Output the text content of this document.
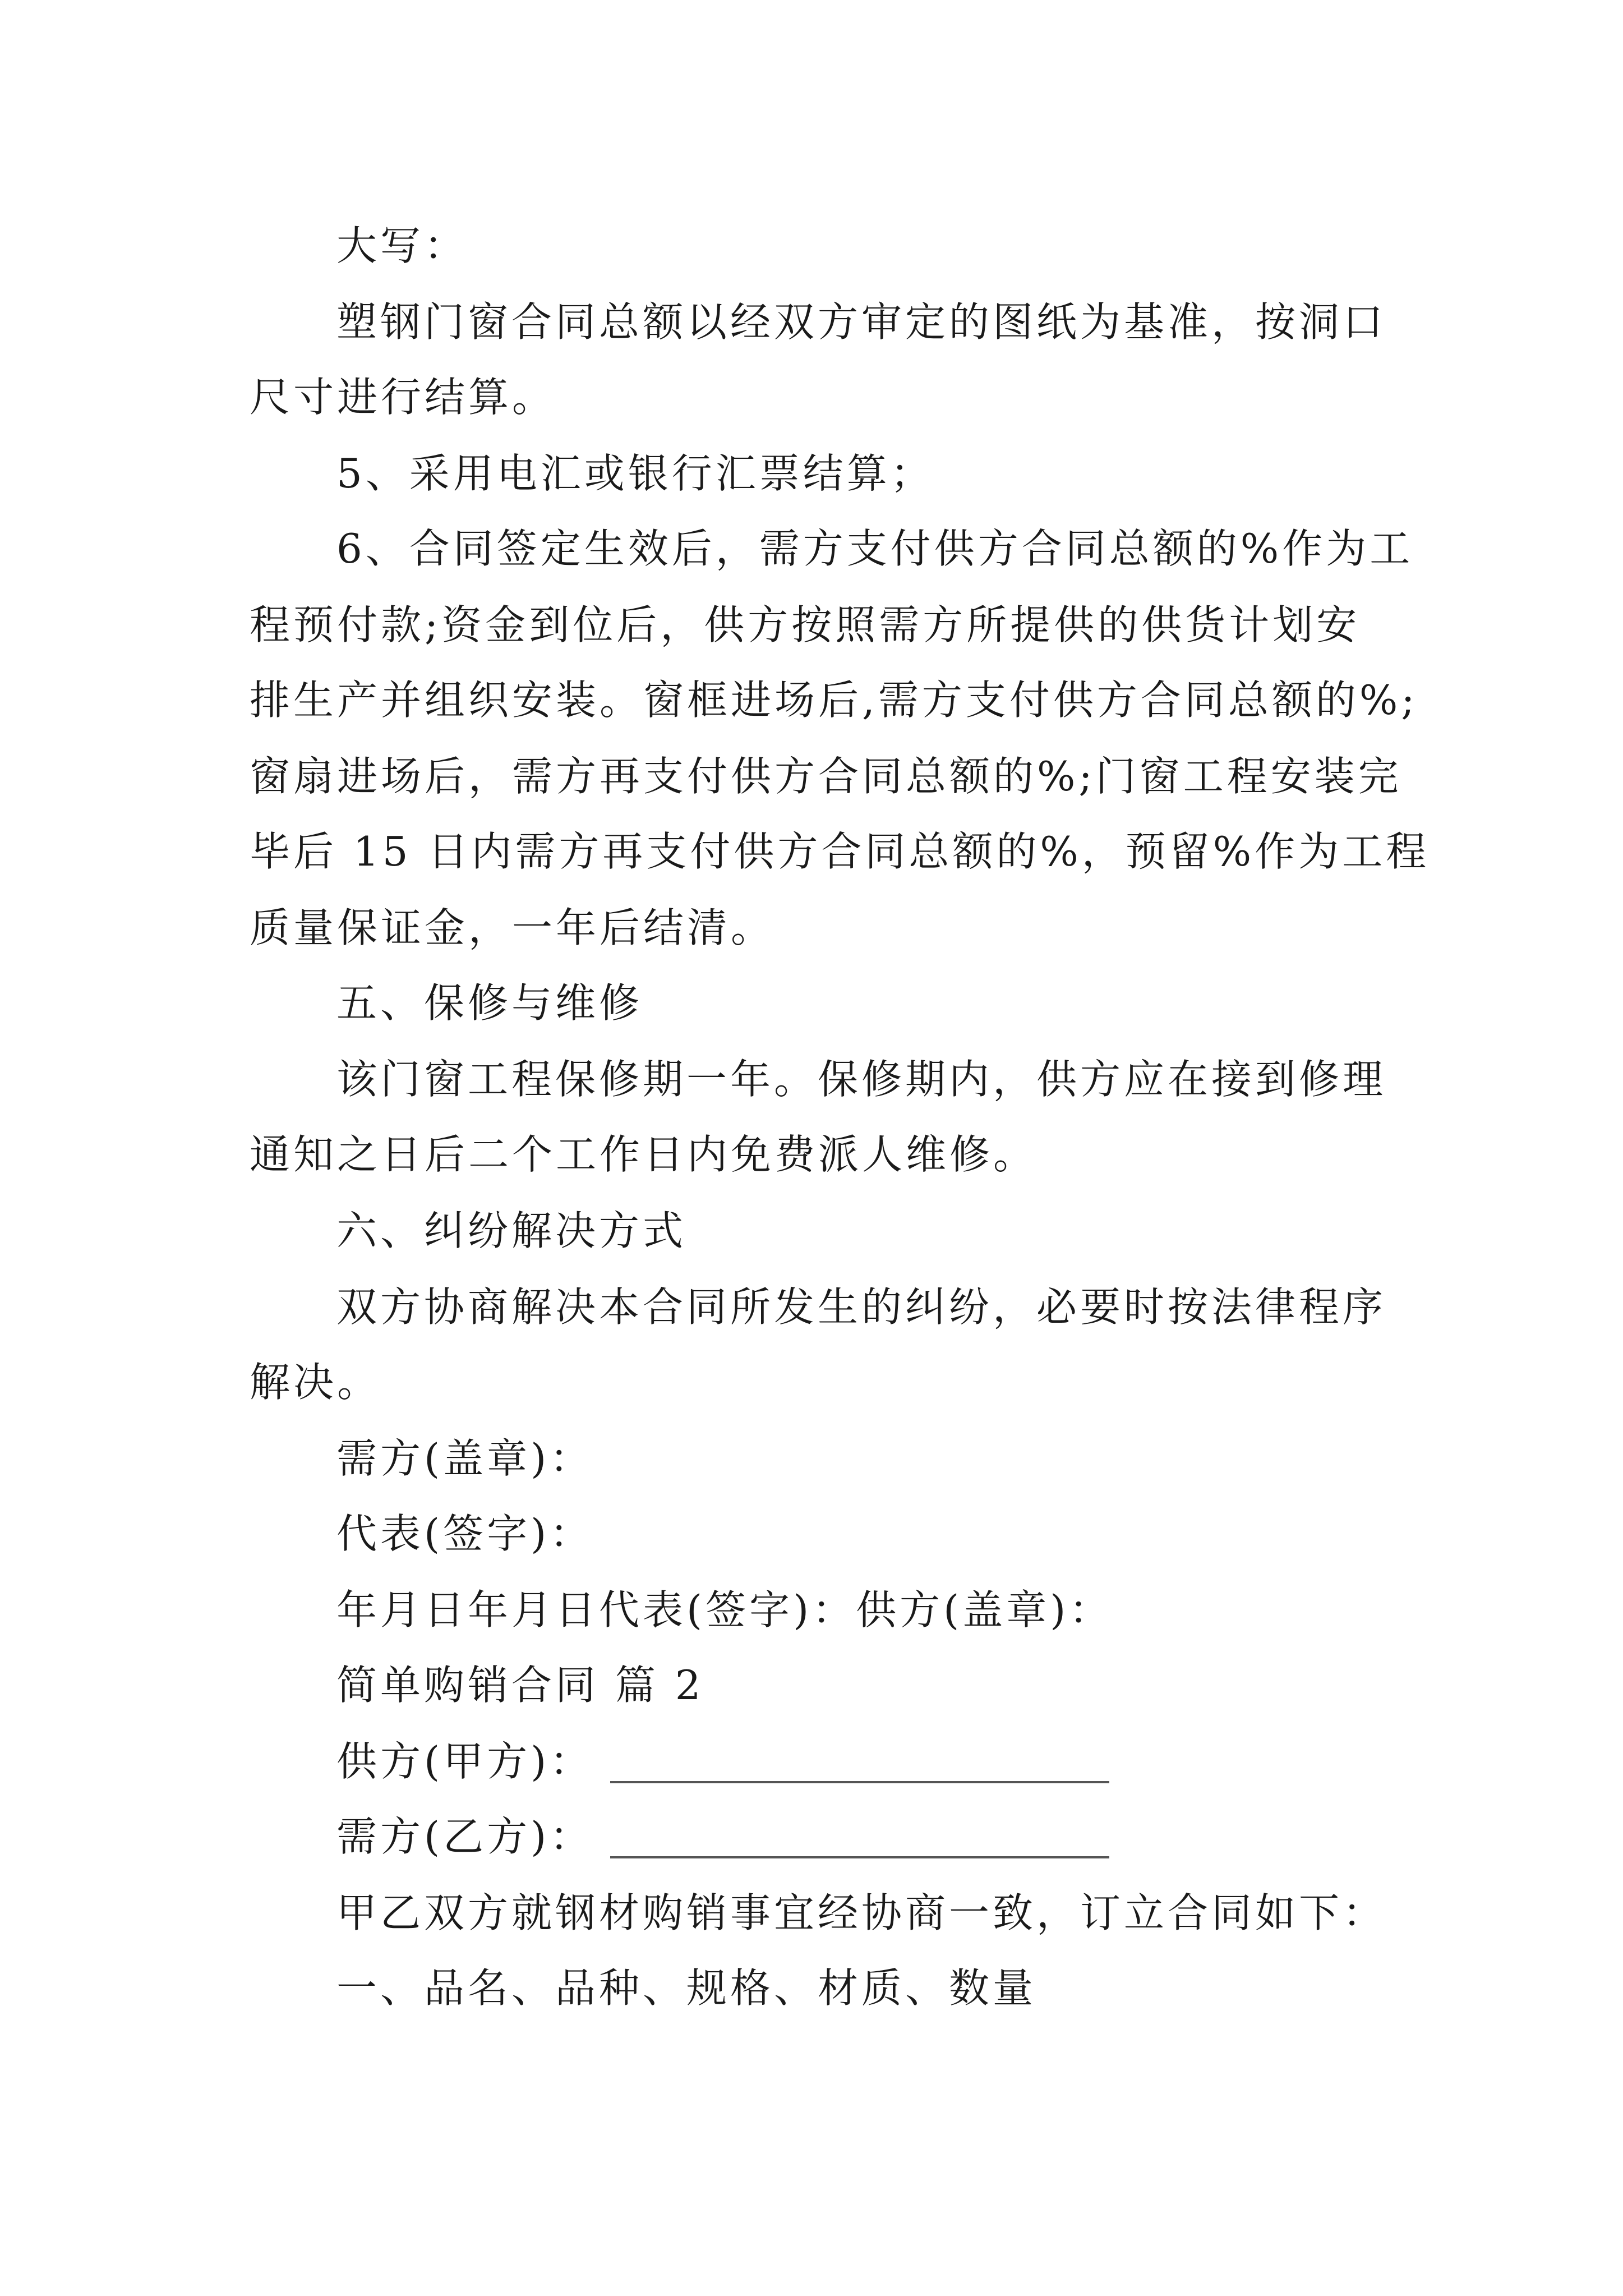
大写：
塑钢门窗合同总额以经双方审定的图纸为基准，按洞口
尺寸进行结算。
5、采用电汇或银行汇票结算；
6、合同签定生效后，需方支付供方合同总额的%作为工
程预付款;资金到位后，供方按照需方所提供的供货计划安
排生产并组织安装。窗框进场后,需方支付供方合同总额的%;
窗扇进场后，需方再支付供方合同总额的%;门窗工程安装完
毕后 15 日内需方再支付供方合同总额的%，预留%作为工程
质量保证金，一年后结清。
五、保修与维修
该门窗工程保修期一年。保修期内，供方应在接到修理
通知之日后二个工作日内免费派人维修。
六、纠纷解决方式
双方协商解决本合同所发生的纠纷，必要时按法律程序
解决。
需方(盖章)：
代表(签字)：
年月日年月日代表(签字)：供方(盖章)：
简单购销合同 篇 2
供方(甲方)：
需方(乙方)：
甲乙双方就钢材购销事宜经协商一致，订立合同如下：
一、品名、品种、规格、材质、数量
